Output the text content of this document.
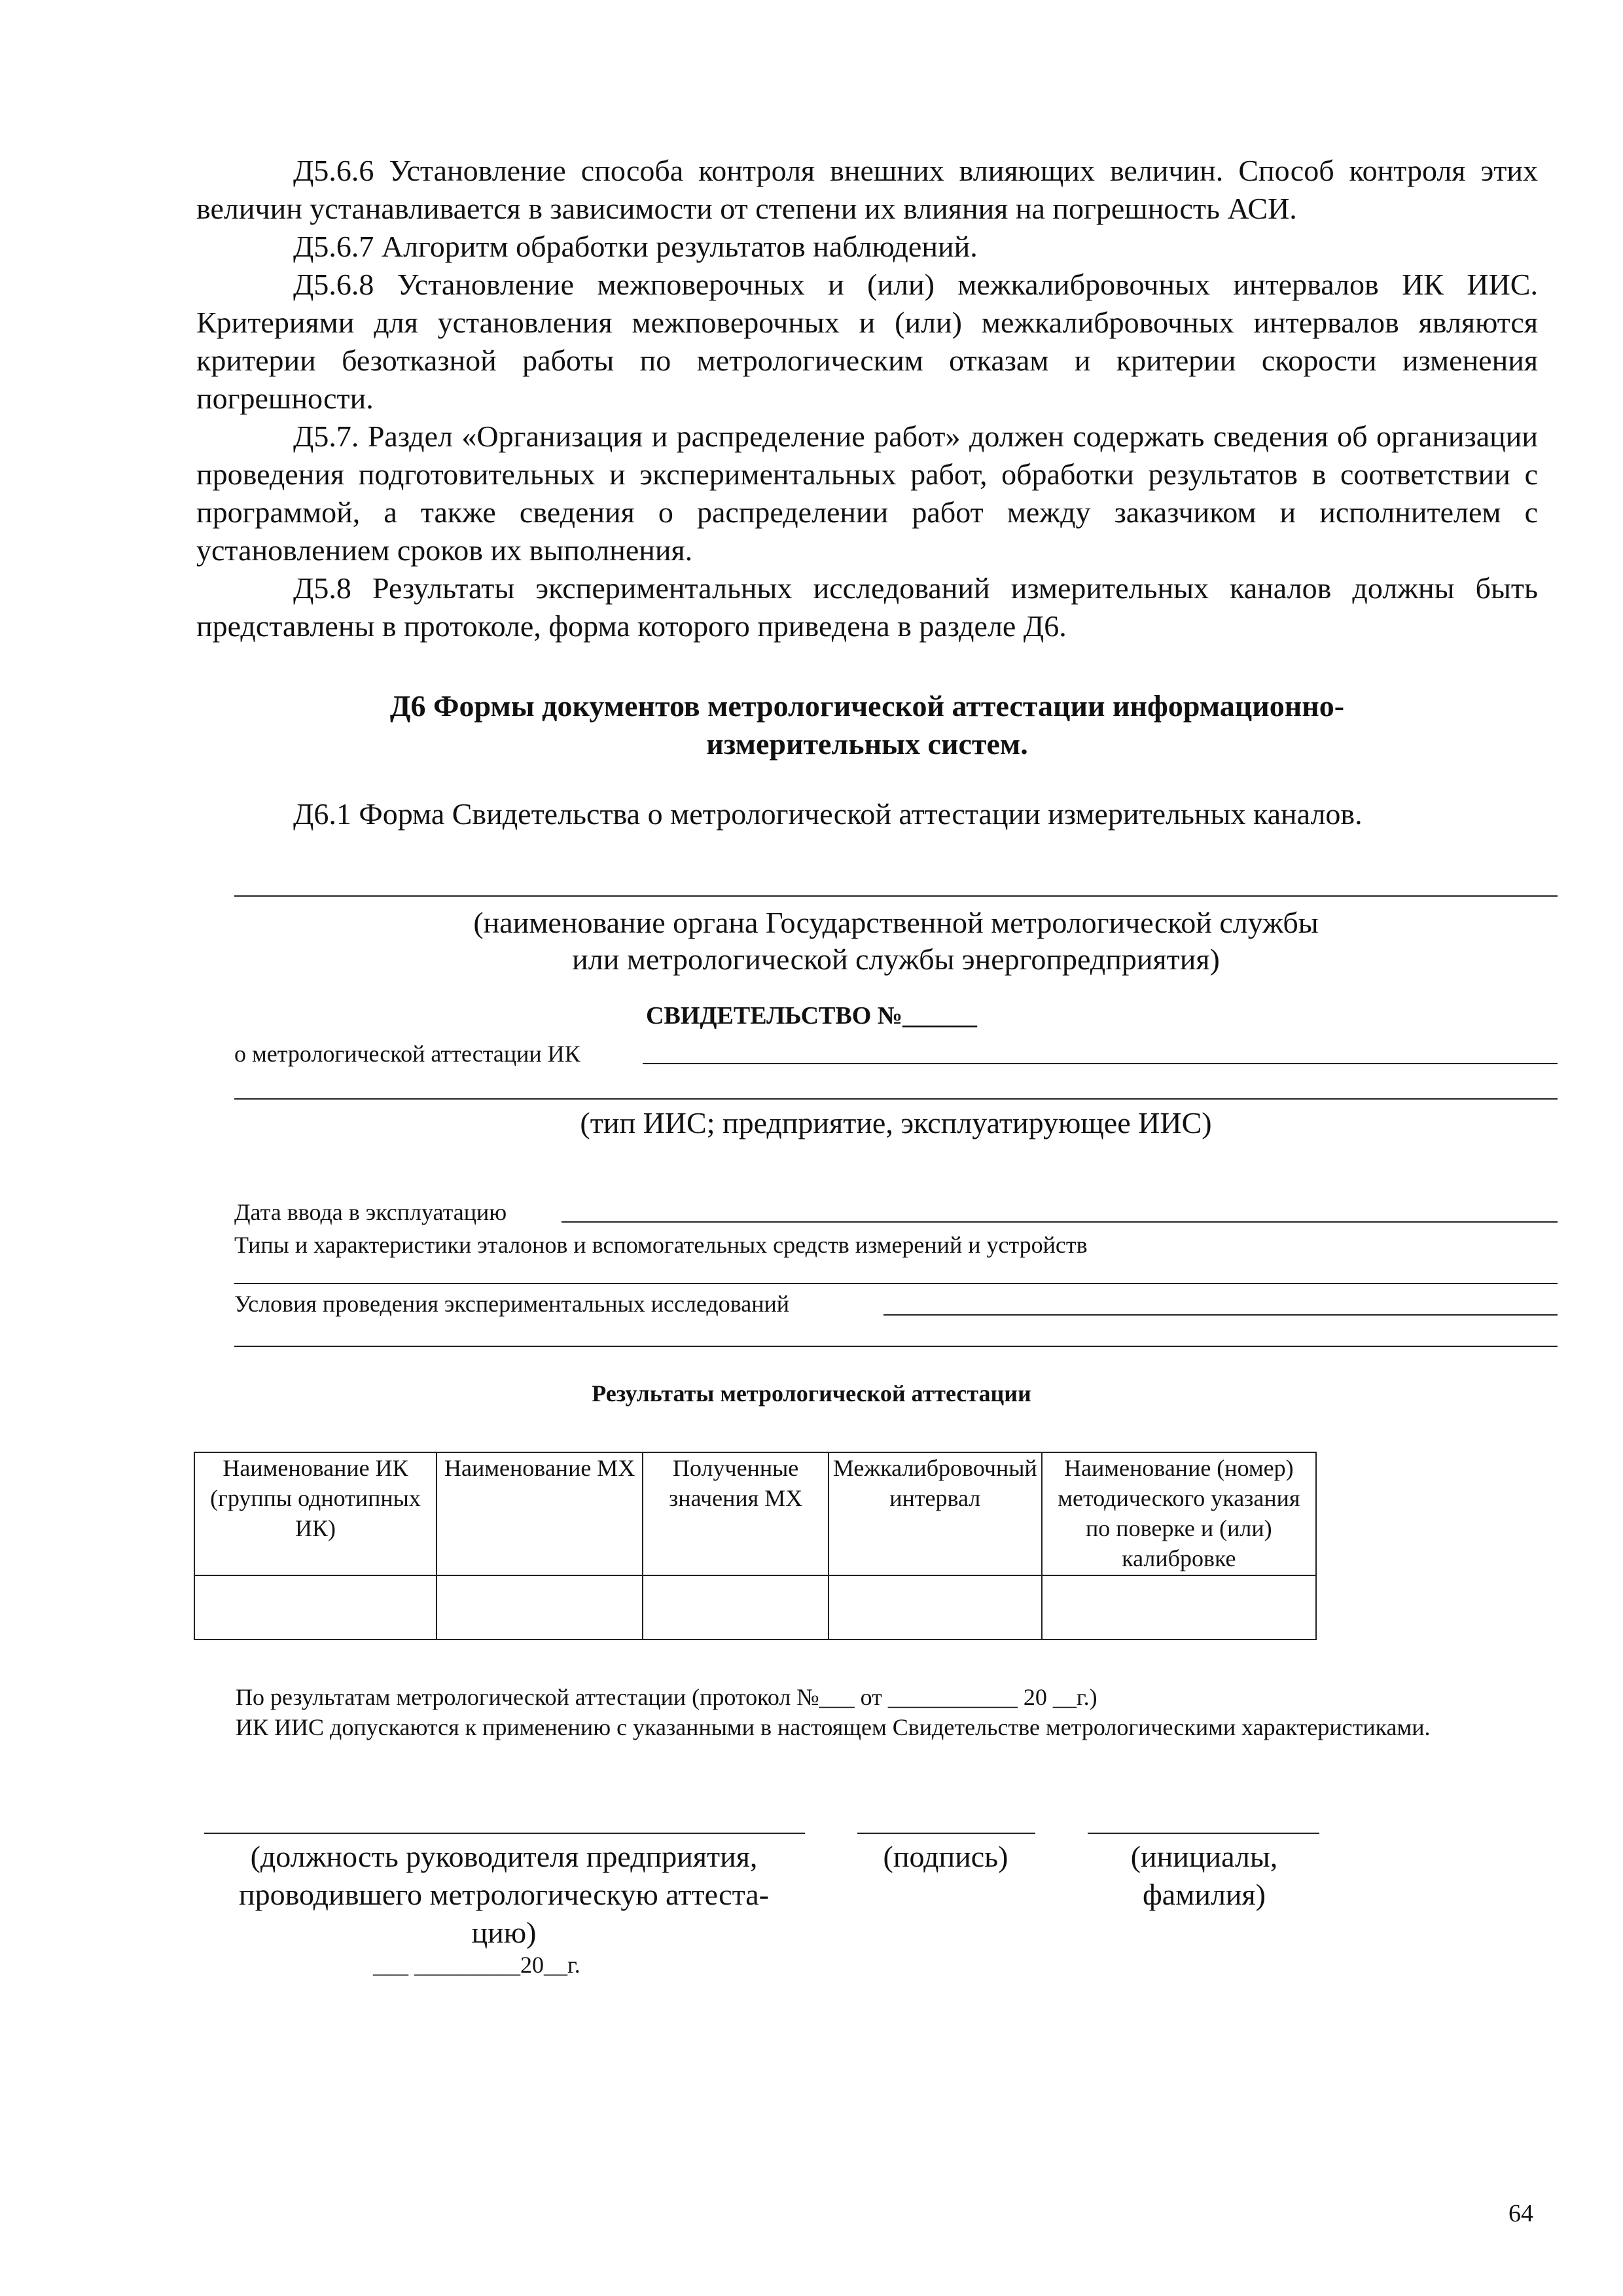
Д5.6.6 Установление способа контроля внешних влияющих величин. Способ контроля этих величин устанавливается в зависимости от степени их влияния на погрешность АСИ.

Д5.6.7 Алгоритм обработки результатов наблюдений.

Д5.6.8 Установление межповерочных и (или) межкалибровочных интервалов ИК ИИС. Критериями для установления межповерочных и (или) межкалибровочных интервалов являются критерии безотказной работы по метрологическим отказам и критерии скорости изменения погрешности.

Д5.7. Раздел «Организация и распределение работ» должен содержать сведения об организации проведения подготовительных и экспериментальных работ, обработки результатов в соответствии с программой, а также сведения о распределении работ между заказчиком и исполнителем с установлением сроков их выполнения.

Д5.8 Результаты экспериментальных исследований измерительных каналов должны быть представлены в протоколе, форма которого приведена в разделе Д6.

Д6 Формы документов метрологической аттестации информационно-
измерительных систем.
Д6.1 Форма Свидетельства о метрологической аттестации измерительных каналов.
(наименование органа Государственной метрологической службы
или метрологической службы энергопредприятия)
СВИДЕТЕЛЬСТВО №______
о метрологической аттестации ИК
(тип ИИС; предприятие, эксплуатирующее ИИС)
Дата ввода в эксплуатацию
Типы и характеристики эталонов и вспомогательных средств измерений и устройств
Условия проведения экспериментальных исследований
Результаты метрологической аттестации
Наименование ИК (группы однотипных ИК)	Наименование МХ	Полученные значения МХ	Межкалибровочный интервал	Наименование (номер) методического указания по поверке и (или) калибровке

По результатам метрологической аттестации (протокол №___ от ___________ 20 __г.)

ИК ИИС допускаются к применению с указанными в настоящем Свидетельстве метрологическими характеристиками.

(должность руководителя предприятия,
проводившего метрологическую аттеста-
цию)
(подпись)	(инициалы,
фамилия)
___ _________20__г.
64
